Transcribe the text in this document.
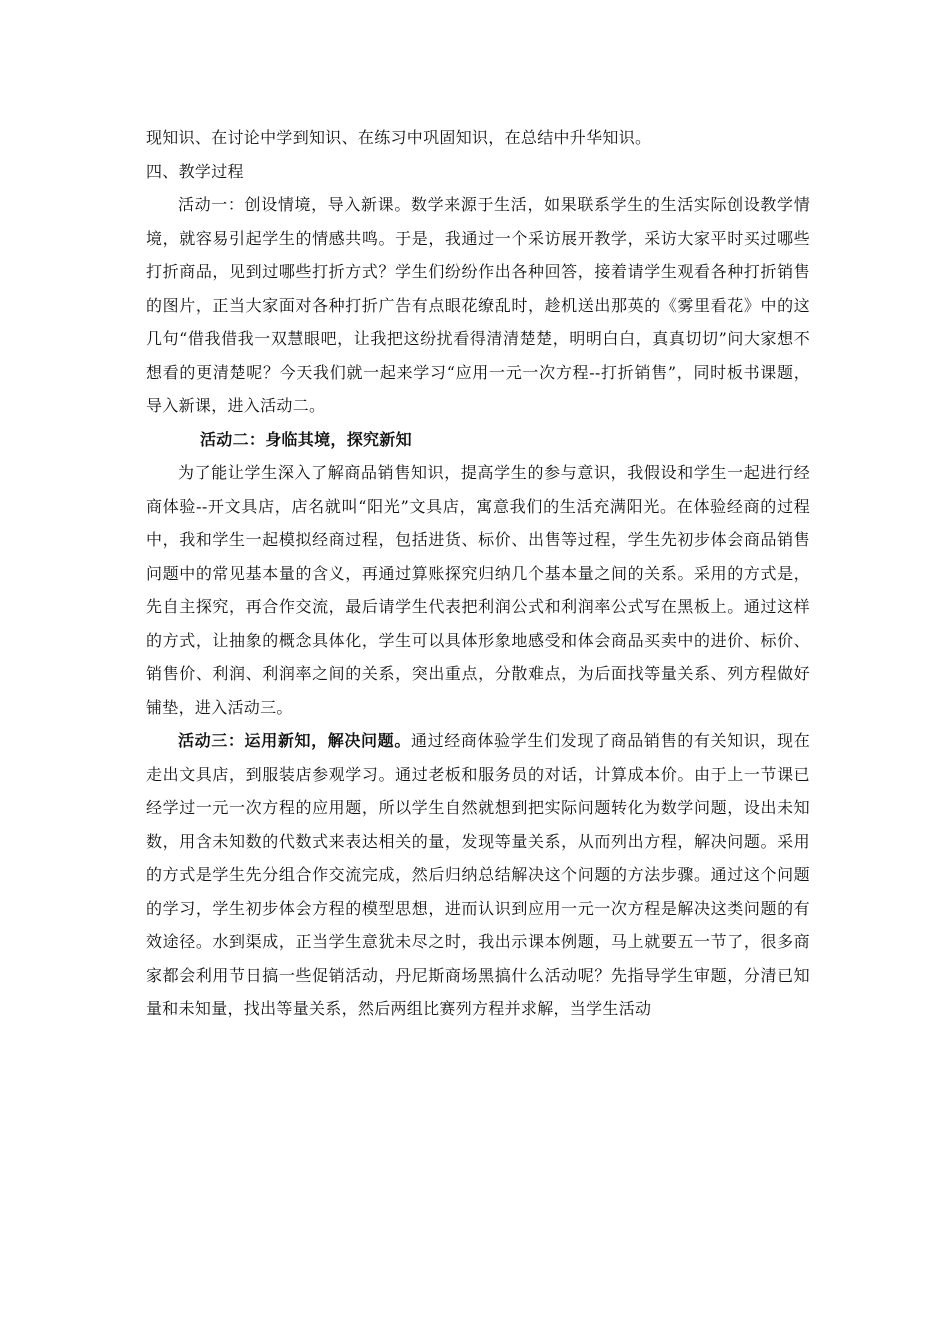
现知识、在讨论中学到知识、在练习中巩固知识，在总结中升华知识。

四、教学过程

活动一：创设情境，导入新课。数学来源于生活，如果联系学生的生活实际创设教学情境，就容易引起学生的情感共鸣。于是，我通过一个采访展开教学，采访大家平时买过哪些打折商品，见到过哪些打折方式？学生们纷纷作出各种回答，接着请学生观看各种打折销售的图片，正当大家面对各种打折广告有点眼花缭乱时，趁机送出那英的《雾里看花》中的这几句“借我借我一双慧眼吧，让我把这纷扰看得清清楚楚，明明白白，真真切切”问大家想不想看的更清楚呢？今天我们就一起来学习“应用一元一次方程--打折销售”，同时板书课题，导入新课，进入活动二。

活动二：身临其境，探究新知

为了能让学生深入了解商品销售知识，提高学生的参与意识，我假设和学生一起进行经商体验--开文具店，店名就叫“阳光”文具店，寓意我们的生活充满阳光。在体验经商的过程中，我和学生一起模拟经商过程，包括进货、标价、出售等过程，学生先初步体会商品销售问题中的常见基本量的含义，再通过算账探究归纳几个基本量之间的关系。采用的方式是，先自主探究，再合作交流，最后请学生代表把利润公式和利润率公式写在黑板上。通过这样的方式，让抽象的概念具体化，学生可以具体形象地感受和体会商品买卖中的进价、标价、销售价、利润、利润率之间的关系，突出重点，分散难点，为后面找等量关系、列方程做好铺垫，进入活动三。

活动三：运用新知，解决问题。通过经商体验学生们发现了商品销售的有关知识，现在走出文具店，到服装店参观学习。通过老板和服务员的对话，计算成本价。由于上一节课已经学过一元一次方程的应用题，所以学生自然就想到把实际问题转化为数学问题，设出未知数，用含未知数的代数式来表达相关的量，发现等量关系，从而列出方程，解决问题。采用的方式是学生先分组合作交流完成，然后归纳总结解决这个问题的方法步骤。通过这个问题的学习，学生初步体会方程的模型思想，进而认识到应用一元一次方程是解决这类问题的有效途径。水到渠成，正当学生意犹未尽之时，我出示课本例题，马上就要五一节了，很多商家都会利用节日搞一些促销活动，丹尼斯商场黑搞什么活动呢？先指导学生审题，分清已知量和未知量，找出等量关系，然后两组比赛列方程并求解，当学生活动
